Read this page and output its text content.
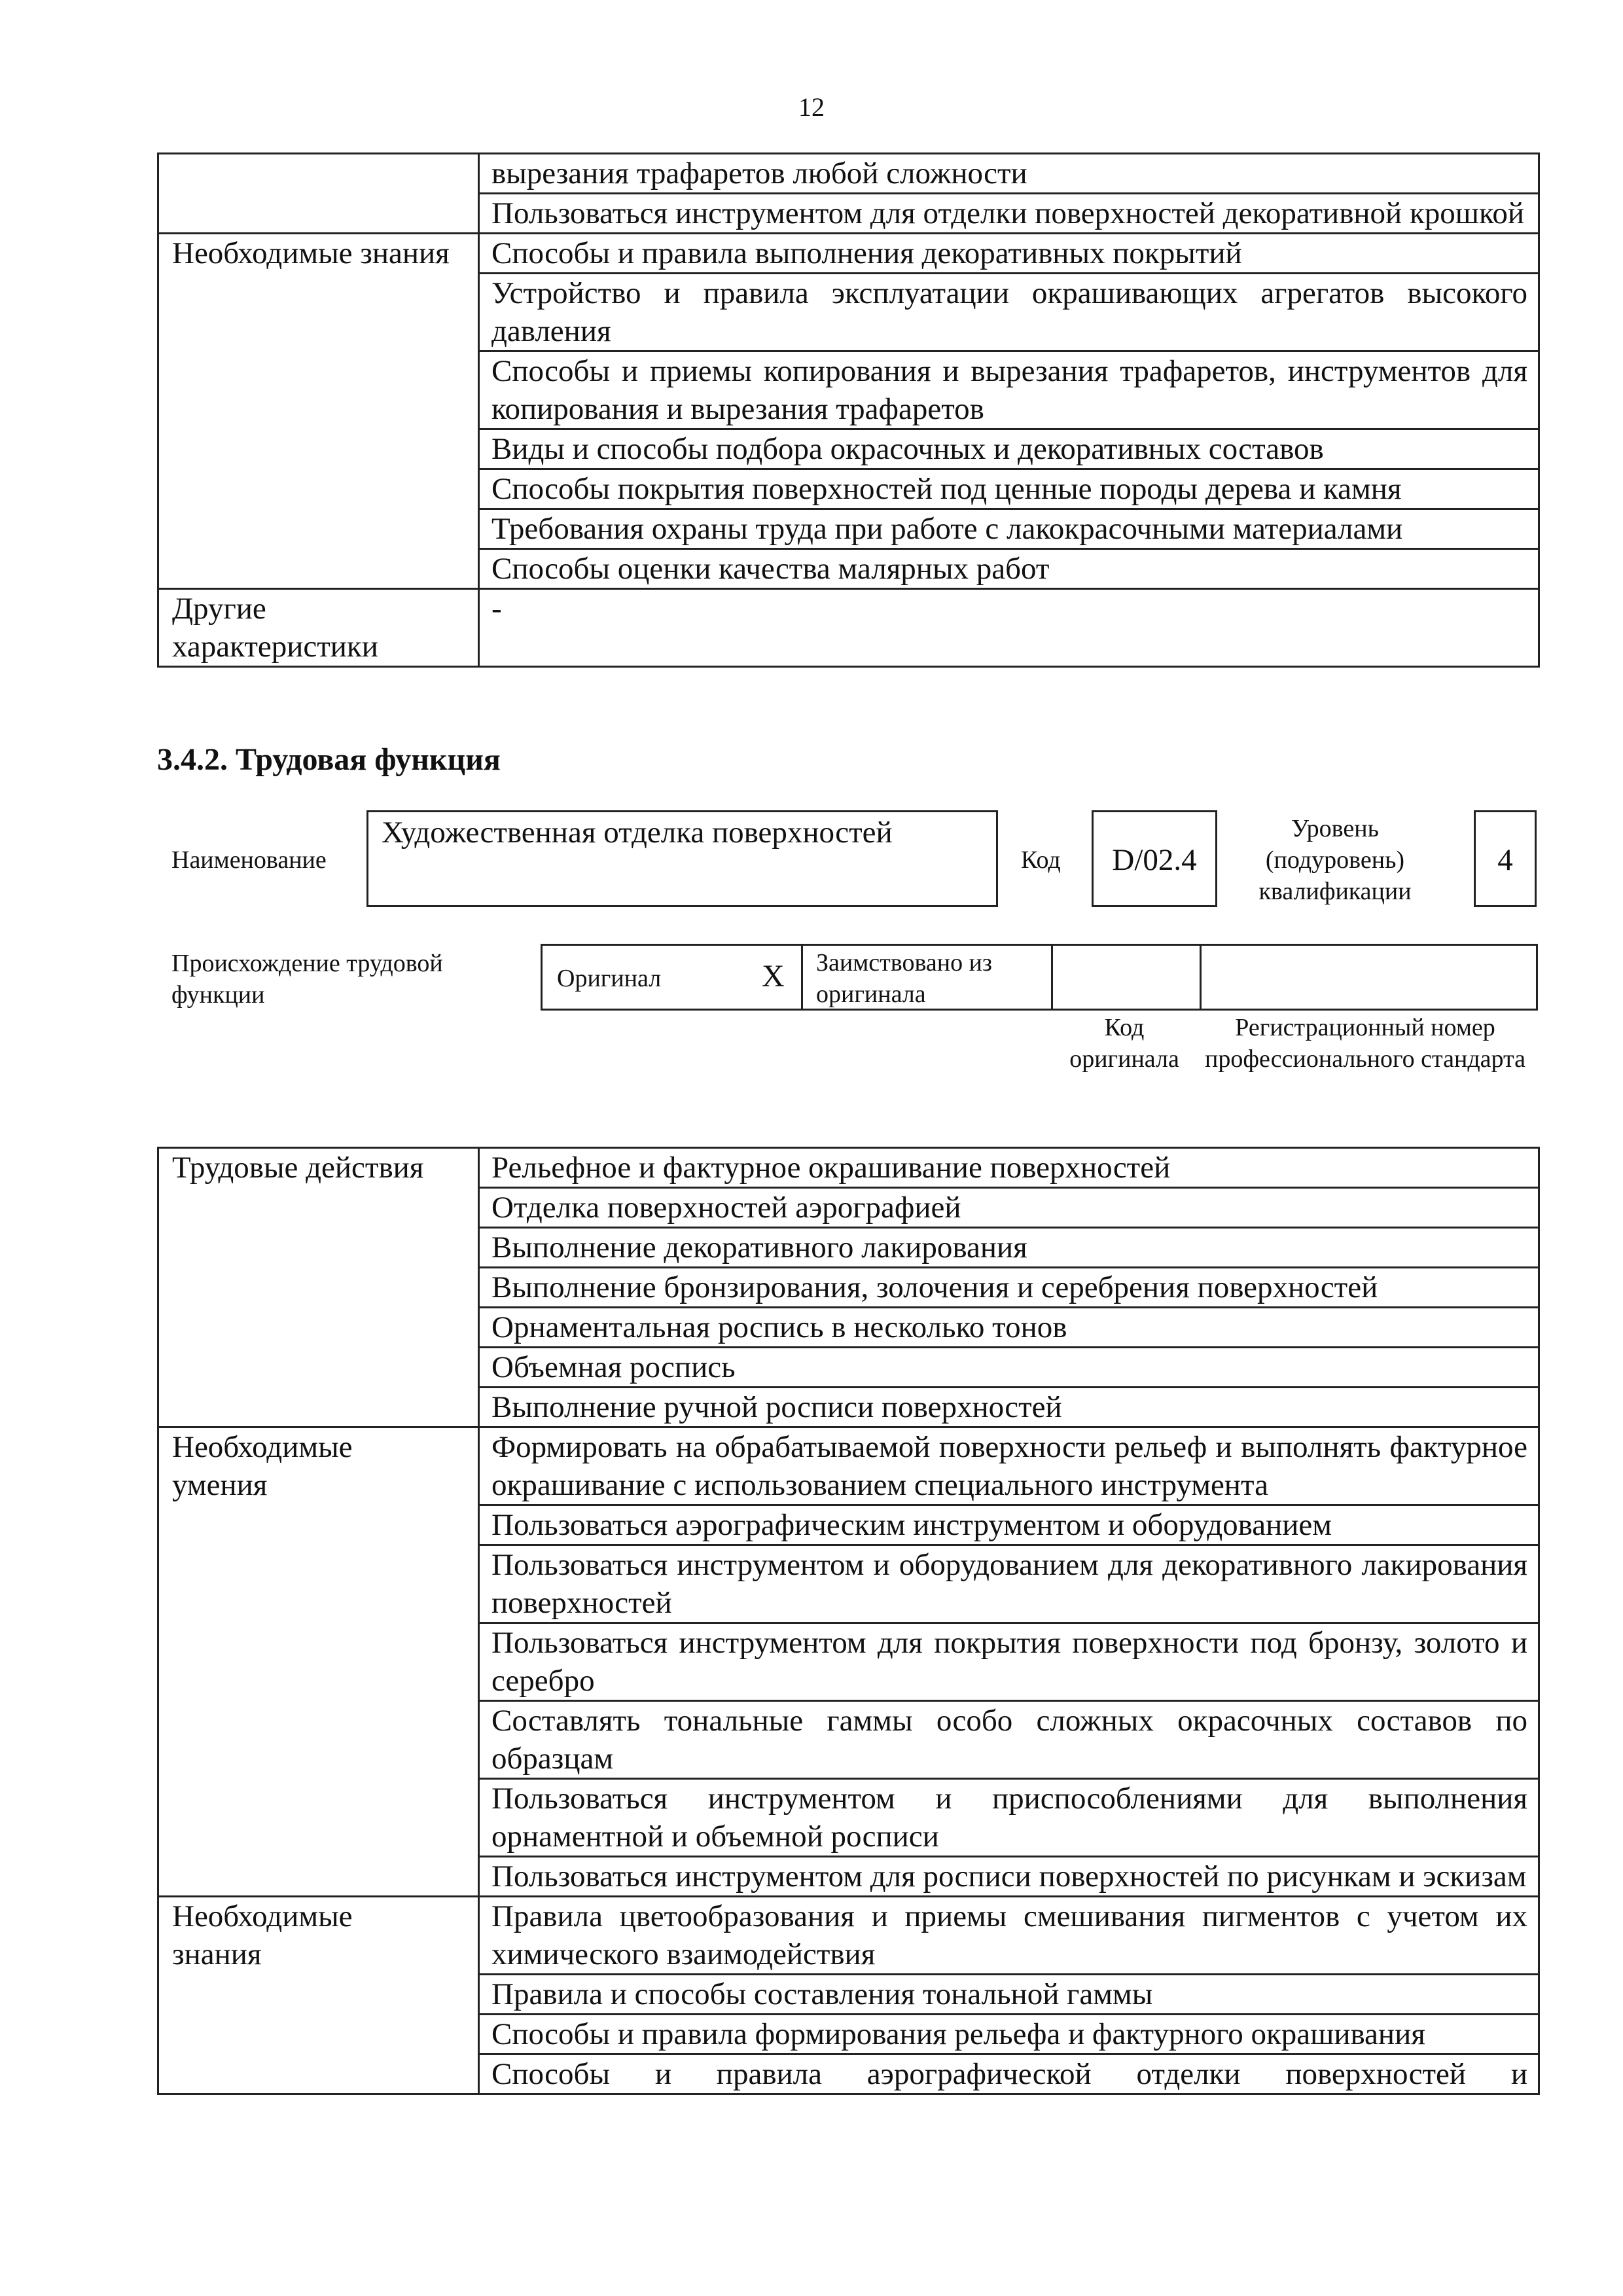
12
	вырезания трафаретов любой сложности
	Пользоваться инструментом для отделки поверхностей декоративной крошкой
Необходимые знания	Способы и правила выполнения декоративных покрытий
	Устройство и правила эксплуатации окрашивающих агрегатов высокого давления
	Способы и приемы копирования и вырезания трафаретов, инструментов для копирования и вырезания трафаретов
	Виды и способы подбора окрасочных и декоративных составов
	Способы покрытия поверхностей под ценные породы дерева и камня
	Требования охраны труда при работе с лакокрасочными материалами
	Способы оценки качества малярных работ

Другие характеристики	-
3.4.2. Трудовая функция
Наименование
Художественная отделка поверхностей
Код	D/02.4
Уровень (подуровень) квалификации
4
Происхождение трудовой функции
Оригинал	X Заимствовано из оригинала
Код оригинала
Регистрационный номер профессионального стандарта
Трудовые действия	Рельефное и фактурное окрашивание поверхностей
	Отделка поверхностей аэрографией
	Выполнение декоративного лакирования
	Выполнение бронзирования, золочения и серебрения поверхностей
	Орнаментальная роспись в несколько тонов
	Объемная роспись
	Выполнение ручной росписи поверхностей

Необходимые умения	Формировать на обрабатываемой поверхности рельеф и выполнять фактурное окрашивание с использованием специального инструмента
	Пользоваться аэрографическим инструментом и оборудованием
	Пользоваться инструментом и оборудованием для декоративного лакирования поверхностей
	Пользоваться инструментом для покрытия поверхности под бронзу, золото и серебро
	Составлять тональные гаммы особо сложных окрасочных составов по образцам
	Пользоваться инструментом и приспособлениями для выполнения орнаментной и объемной росписи
	Пользоваться инструментом для росписи поверхностей по рисункам и эскизам

Необходимые знания	Правила цветообразования и приемы смешивания пигментов с учетом их химического взаимодействия
	Правила и способы составления тональной гаммы
	Способы и правила формирования рельефа и фактурного окрашивания
	Способы и правила аэрографической отделки поверхностей и
